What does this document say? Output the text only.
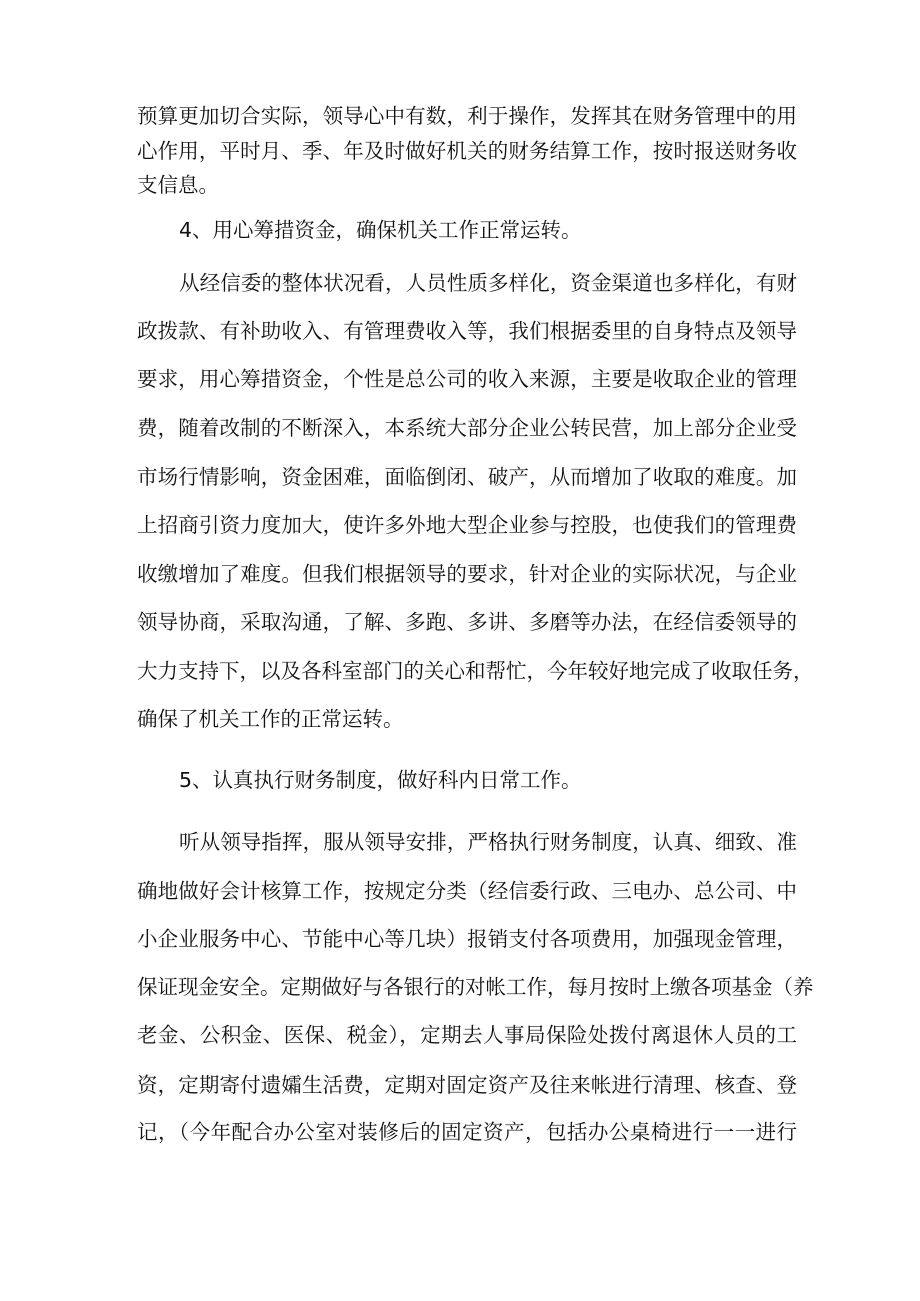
预算更加切合实际，领导心中有数，利于操作，发挥其在财务管理中的用

心作用，平时月、季、年及时做好机关的财务结算工作，按时报送财务收

支信息。

4、用心筹措资金，确保机关工作正常运转。

从经信委的整体状况看，人员性质多样化，资金渠道也多样化，有财

政拨款、有补助收入、有管理费收入等，我们根据委里的自身特点及领导

要求，用心筹措资金，个性是总公司的收入来源，主要是收取企业的管理

费，随着改制的不断深入，本系统大部分企业公转民营，加上部分企业受

市场行情影响，资金困难，面临倒闭、破产，从而增加了收取的难度。加

上招商引资力度加大，使许多外地大型企业参与控股，也使我们的管理费

收缴增加了难度。但我们根据领导的要求，针对企业的实际状况，与企业

领导协商，采取沟通，了解、多跑、多讲、多磨等办法，在经信委领导的

大力支持下，以及各科室部门的关心和帮忙，今年较好地完成了收取任务，

确保了机关工作的正常运转。

5、认真执行财务制度，做好科内日常工作。

听从领导指挥，服从领导安排，严格执行财务制度，认真、细致、准

确地做好会计核算工作，按规定分类（经信委行政、三电办、总公司、中

小企业服务中心、节能中心等几块）报销支付各项费用，加强现金管理，

保证现金安全。定期做好与各银行的对帐工作，每月按时上缴各项基金（养

老金、公积金、医保、税金），定期去人事局保险处拨付离退休人员的工

资，定期寄付遗孀生活费，定期对固定资产及往来帐进行清理、核查、登

记，（今年配合办公室对装修后的固定资产，包括办公桌椅进行一一进行
